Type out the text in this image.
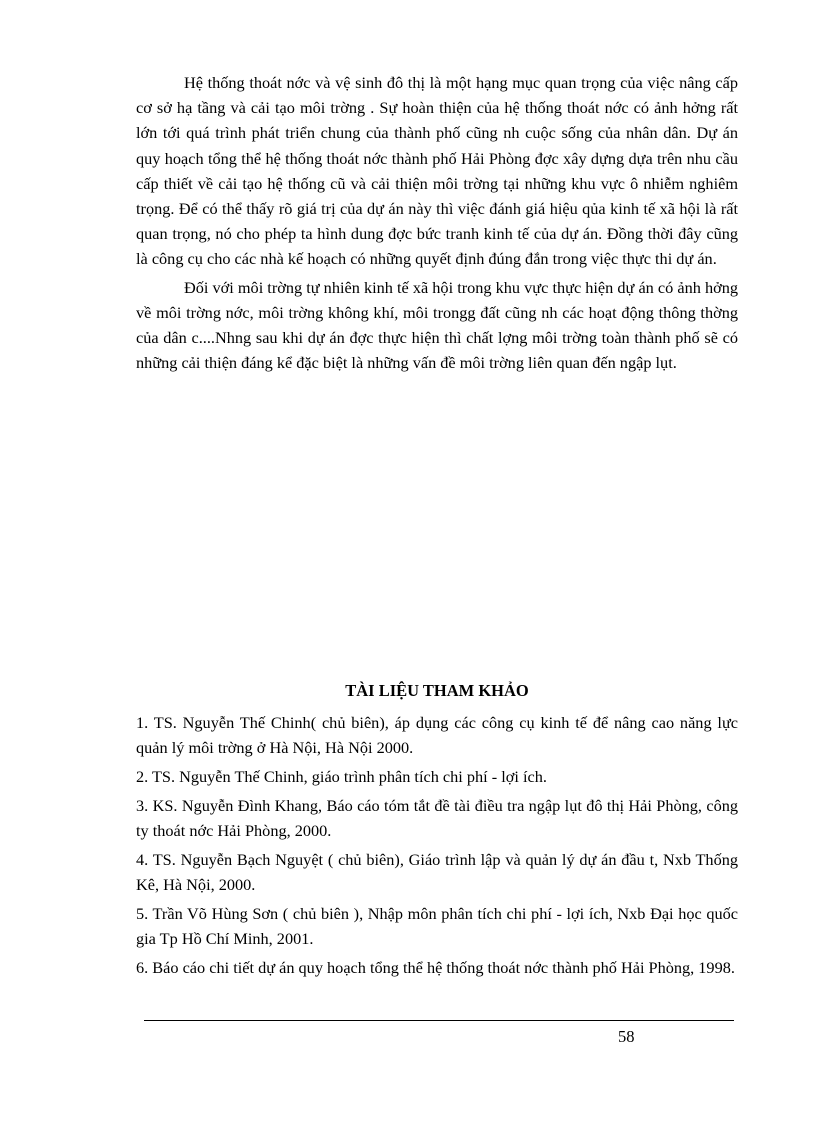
Hệ thống thoát nớc và vệ sinh đô thị là một hạng mục quan trọng của việc nâng cấp cơ sở hạ tầng và cải tạo môi trờng . Sự hoàn thiện của hệ thống thoát nớc có ảnh hởng rất lớn tới quá trình phát triển chung của thành phố cũng nh cuộc sống của nhân dân. Dự án quy hoạch tổng thể hệ thống thoát nớc thành phố Hải Phòng đợc xây dựng dựa trên nhu cầu cấp thiết về cải tạo hệ thống cũ và cải thiện môi trờng tại những khu vực ô nhiễm nghiêm trọng. Để có thể thấy rõ giá trị của dự án này thì việc đánh giá hiệu qủa kinh tế xã hội là rất quan trọng, nó cho phép ta hình dung đợc bức tranh kinh tế của dự án. Đồng thời đây cũng là công cụ cho các nhà kế hoạch có những quyết định đúng đắn trong việc thực thi dự án.

Đối với môi trờng tự nhiên kinh tế xã hội trong khu vực thực hiện dự án có ảnh hởng về môi trờng nớc, môi trờng không khí, môi trongg đất cũng nh các hoạt động thông thờng của dân c....Nhng sau khi dự án đợc thực hiện thì chất lợng môi trờng toàn thành phố sẽ có những cải thiện đáng kể đặc biệt là những vấn đề môi trờng liên quan đến ngập lụt.

TÀI LIỆU THAM KHẢO
1. TS. Nguyễn Thế Chinh( chủ biên), áp dụng các công cụ kinh tế để nâng cao năng lực quản lý môi trờng ở Hà Nội, Hà Nội 2000.
2. TS. Nguyễn Thế Chinh, giáo trình phân tích chi phí - lợi ích.
3. KS. Nguyễn Đình Khang, Báo cáo tóm tắt đề tài điều tra ngập lụt đô thị Hải Phòng, công ty thoát nớc Hải Phòng, 2000.
4. TS. Nguyễn Bạch Nguyệt ( chủ biên), Giáo trình lập và quản lý dự án đầu t, Nxb Thống Kê, Hà Nội, 2000.
5. Trần Võ Hùng Sơn ( chủ biên ), Nhập môn phân tích chi phí - lợi ích, Nxb Đại học quốc gia Tp Hồ Chí Minh, 2001.
6. Báo cáo chi tiết dự án quy hoạch tổng thể hệ thống thoát nớc thành phố Hải Phòng, 1998.
58
